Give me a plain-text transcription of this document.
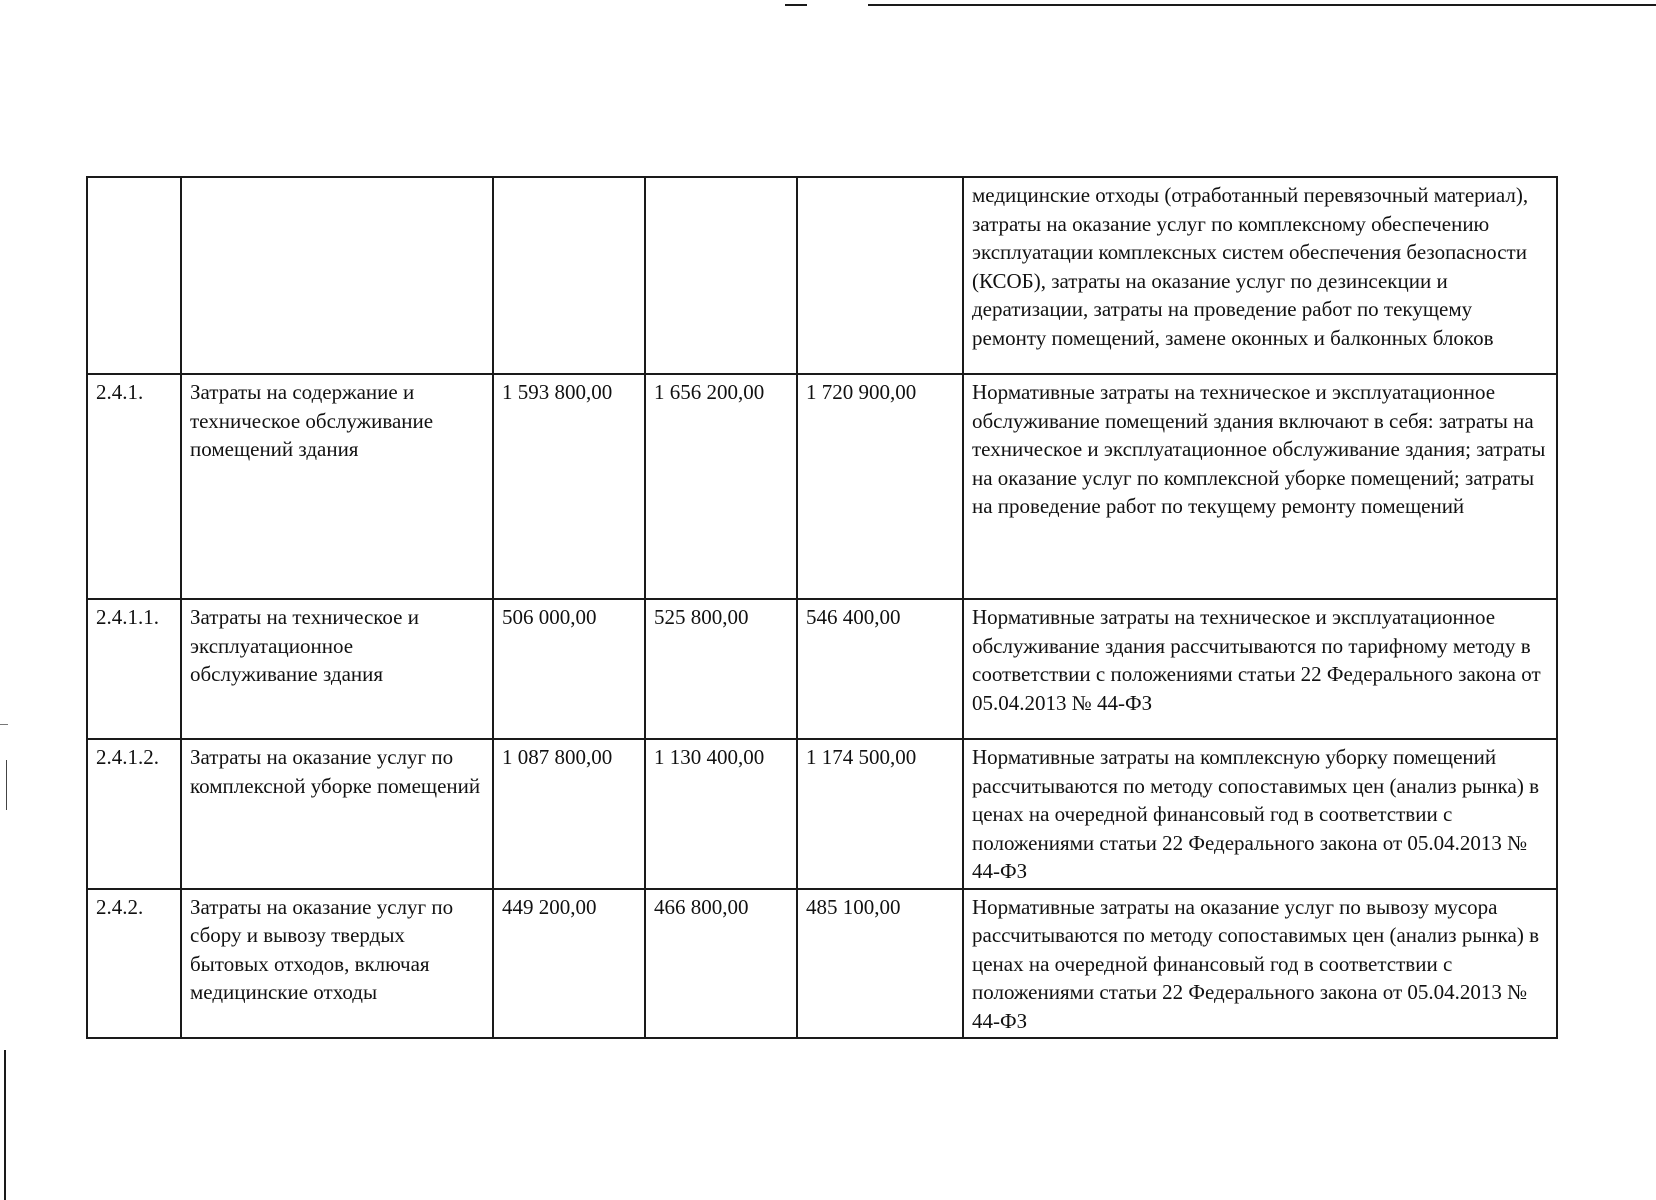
					медицинские отходы (отработанный перевязочный материал), затраты на оказание услуг по комплексному обеспечению эксплуатации комплексных систем обеспечения безопасности (КСОБ), затраты на оказание услуг по дезинсекции и дератизации, затраты на проведение работ по текущему ремонту помещений, замене оконных и балконных блоков
2.4.1.	Затраты на содержание и техническое обслуживание помещений здания	1 593 800,00	1 656 200,00	1 720 900,00	Нормативные затраты на техническое и эксплуатационное обслуживание помещений здания включают в себя: затраты на техническое и эксплуатационное обслуживание здания; затраты на оказание услуг по комплексной уборке помещений; затраты на проведение работ по текущему ремонту помещений
2.4.1.1.	Затраты на техническое и эксплуатационное обслуживание здания	506 000,00	525 800,00	546 400,00	Нормативные затраты на техническое и эксплуатационное обслуживание здания рассчитываются по тарифному методу в соответствии с положениями статьи 22 Федерального закона от 05.04.2013 № 44-ФЗ
2.4.1.2.	Затраты на оказание услуг по комплексной уборке помещений	1 087 800,00	1 130 400,00	1 174 500,00	Нормативные затраты на комплексную уборку помещений рассчитываются по методу сопоставимых цен (анализ рынка) в ценах на очередной финансовый год в соответствии с положениями статьи 22 Федерального закона от 05.04.2013 № 44-ФЗ
2.4.2.	Затраты на оказание услуг по сбору и вывозу твердых бытовых отходов, включая медицинские отходы	449 200,00	466 800,00	485 100,00	Нормативные затраты на оказание услуг по вывозу мусора рассчитываются по методу сопоставимых цен (анализ рынка) в ценах на очередной финансовый год в соответствии с положениями статьи 22 Федерального закона от 05.04.2013 № 44-ФЗ
